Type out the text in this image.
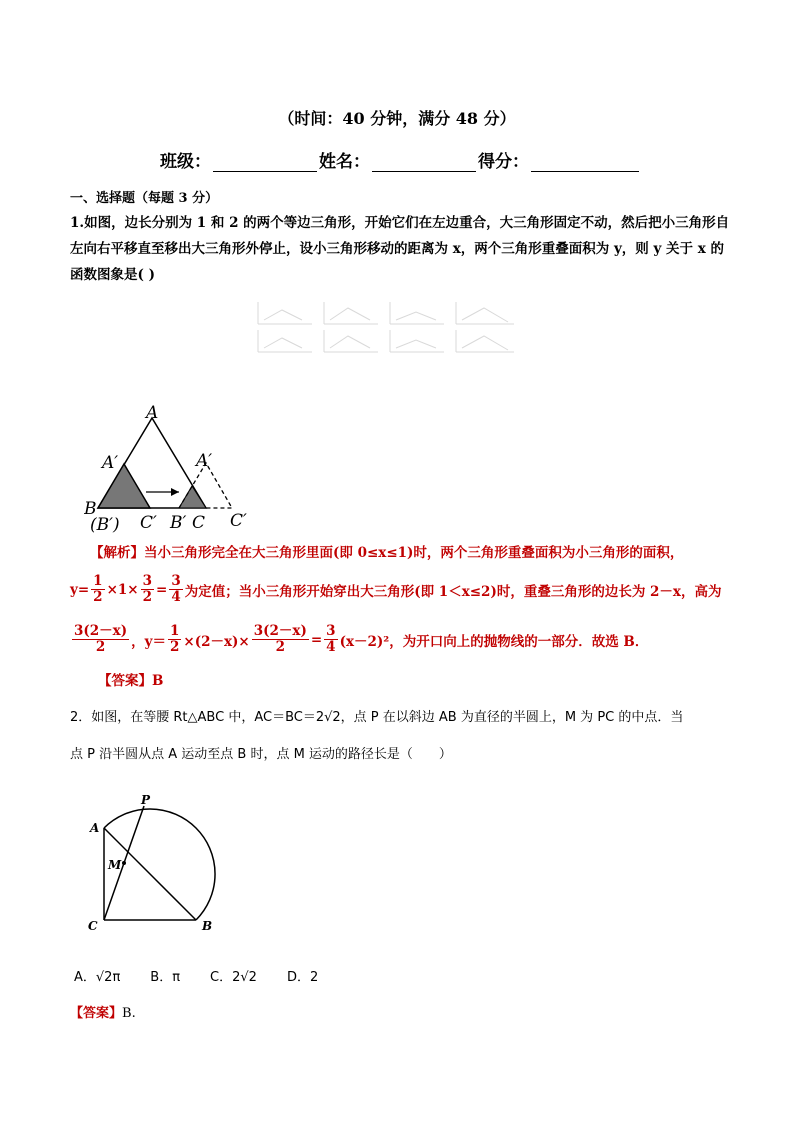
（时间：40 分钟，满分 48 分）
班级：	姓名：	得分：
一、选择题（每题 3 分）
1.如图，边长分别为 1 和 2 的两个等边三角形，开始它们在左边重合，大三角形固定不动，然后把小三角形自左向右平移直至移出大三角形外停止，设小三角形移动的距离为 x，两个三角形重叠面积为 y，则 y 关于 x 的函数图象是( )
A
A′	A′
B
(B′) C′ B′ C C′
【解析】当小三角形完全在大三角形里面(即 0≤x≤1)时，两个三角形重叠面积为小三角形的面积，
$y= \frac{1}{2} \times 1\times \frac{3}{2} = \frac{3}{4}$ 为定值；当小三角形开始穿出大三角形(即 1＜x≤2)时，重叠三角形的边长为 2－x，高为
$\frac{3(2-x)}{2}$ ，$y= \frac{1}{2} \times(2-x)\times \frac{3(2-x)}{2} = \frac{3}{4} (x-2)^2$ ，为开口向上的抛物线的一部分．故选 B．
【答案】B
2．如图，在等腰 Rt△ABC 中，AC＝BC＝2√2，点 P 在以斜边 AB 为直径的半圆上，M 为 PC 的中点．当
点 P 沿半圆从点 A 运动至点 B 时，点 M 运动的路径长是（　　）
P
A
M
C	B
A．√2π B．π C．2√2 D．2
【答案】B.
